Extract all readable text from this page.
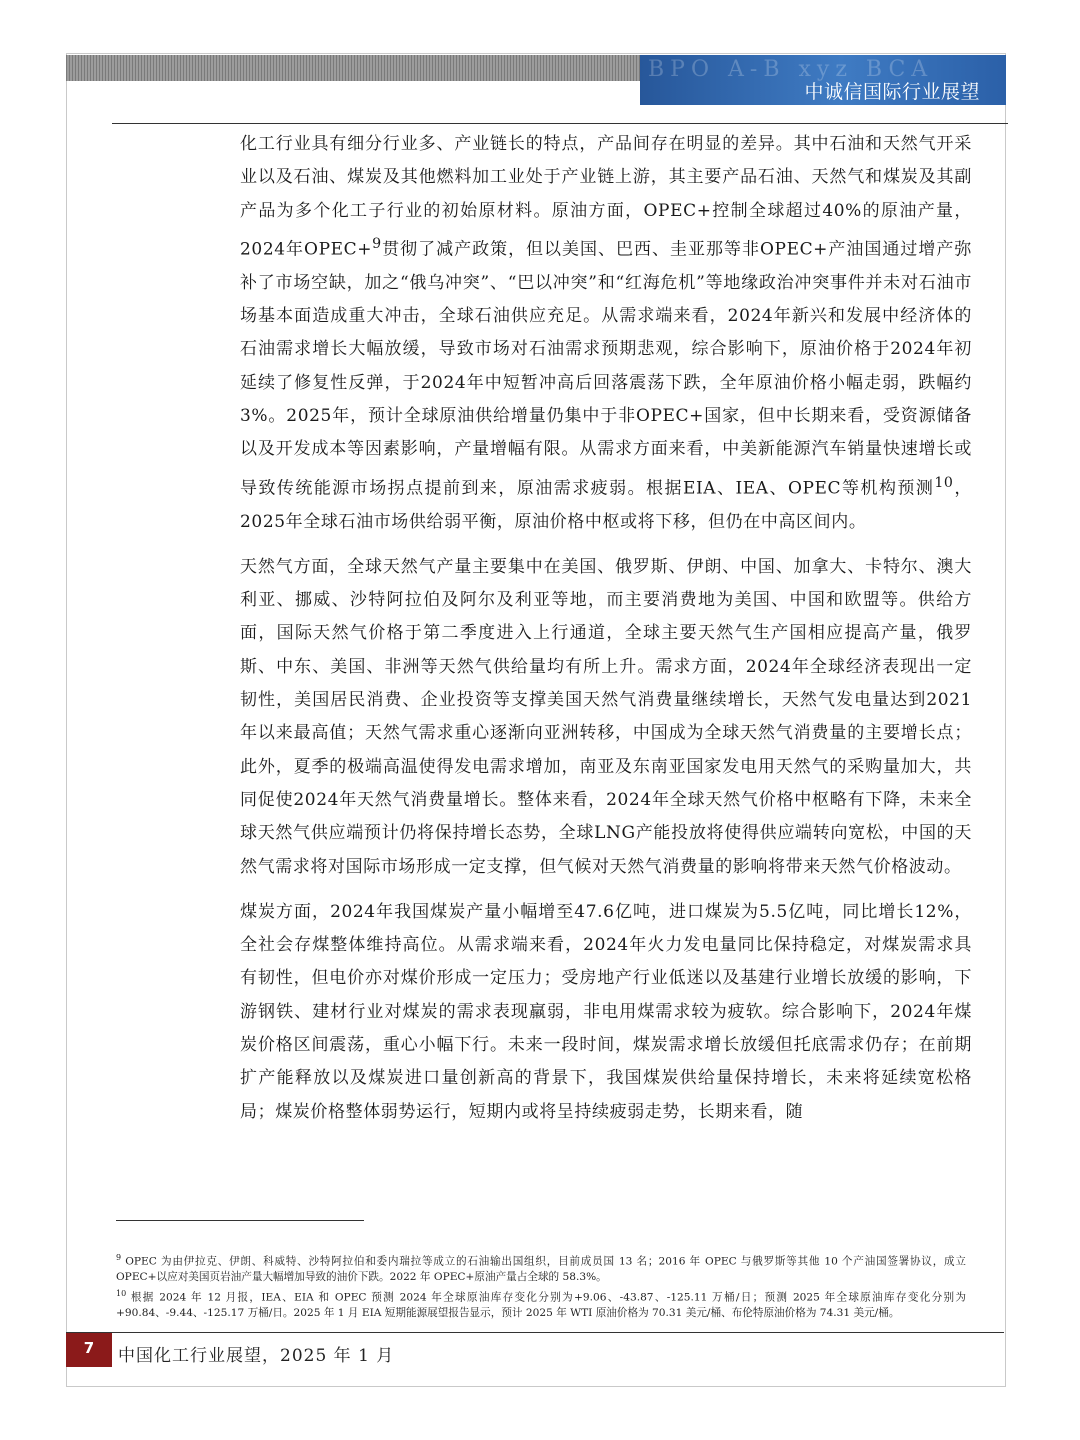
BPO A-B xyz BCA
中诚信国际行业展望

化工行业具有细分行业多、产业链长的特点，产品间存在明显的差异。其中石油和天然气开采业以及石油、煤炭及其他燃料加工业处于产业链上游，其主要产品石油、天然气和煤炭及其副产品为多个化工子行业的初始原材料。原油方面，OPEC+控制全球超过40%的原油产量，2024年OPEC+$^9$贯彻了减产政策，但以美国、巴西、圭亚那等非OPEC+产油国通过增产弥补了市场空缺，加之“俄乌冲突”、“巴以冲突”和“红海危机”等地缘政治冲突事件并未对石油市场基本面造成重大冲击，全球石油供应充足。从需求端来看，2024年新兴和发展中经济体的石油需求增长大幅放缓，导致市场对石油需求预期悲观，综合影响下，原油价格于2024年初延续了修复性反弹，于2024年中短暂冲高后回落震荡下跌，全年原油价格小幅走弱，跌幅约3%。2025年，预计全球原油供给增量仍集中于非OPEC+国家，但中长期来看，受资源储备以及开发成本等因素影响，产量增幅有限。从需求方面来看，中美新能源汽车销量快速增长或导致传统能源市场拐点提前到来，原油需求疲弱。根据EIA、IEA、OPEC等机构预测$^{10}$，2025年全球石油市场供给弱平衡，原油价格中枢或将下移，但仍在中高区间内。

天然气方面，全球天然气产量主要集中在美国、俄罗斯、伊朗、中国、加拿大、卡特尔、澳大利亚、挪威、沙特阿拉伯及阿尔及利亚等地，而主要消费地为美国、中国和欧盟等。供给方面，国际天然气价格于第二季度进入上行通道，全球主要天然气生产国相应提高产量，俄罗斯、中东、美国、非洲等天然气供给量均有所上升。需求方面，2024年全球经济表现出一定韧性，美国居民消费、企业投资等支撑美国天然气消费量继续增长，天然气发电量达到2021年以来最高值；天然气需求重心逐渐向亚洲转移，中国成为全球天然气消费量的主要增长点；此外，夏季的极端高温使得发电需求增加，南亚及东南亚国家发电用天然气的采购量加大，共同促使2024年天然气消费量增长。整体来看，2024年全球天然气价格中枢略有下降，未来全球天然气供应端预计仍将保持增长态势，全球LNG产能投放将使得供应端转向宽松，中国的天然气需求将对国际市场形成一定支撑，但气候对天然气消费量的影响将带来天然气价格波动。

煤炭方面，2024年我国煤炭产量小幅增至47.6亿吨，进口煤炭为5.5亿吨，同比增长12%，全社会存煤整体维持高位。从需求端来看，2024年火力发电量同比保持稳定，对煤炭需求具有韧性，但电价亦对煤价形成一定压力；受房地产行业低迷以及基建行业增长放缓的影响，下游钢铁、建材行业对煤炭的需求表现羸弱，非电用煤需求较为疲软。综合影响下，2024年煤炭价格区间震荡，重心小幅下行。未来一段时间，煤炭需求增长放缓但托底需求仍存；在前期扩产能释放以及煤炭进口量创新高的背景下，我国煤炭供给量保持增长，未来将延续宽松格局；煤炭价格整体弱势运行，短期内或将呈持续疲弱走势，长期来看，随

$^9$ OPEC 为由伊拉克、伊朗、科威特、沙特阿拉伯和委内瑞拉等成立的石油输出国组织，目前成员国 13 名；2016 年 OPEC 与俄罗斯等其他 10 个产油国签署协议，成立 OPEC+以应对美国页岩油产量大幅增加导致的油价下跌。2022 年 OPEC+原油产量占全球的 58.3%。

$^{10}$ 根据 2024 年 12 月报，IEA、EIA 和 OPEC 预测 2024 年全球原油库存变化分别为+9.06、-43.87、-125.11 万桶/日；预测 2025 年全球原油库存变化分别为+90.84、-9.44、-125.17 万桶/日。2025 年 1 月 EIA 短期能源展望报告显示，预计 2025 年 WTI 原油价格为 70.31 美元/桶、布伦特原油价格为 74.31 美元/桶。

7	中国化工行业展望，2025 年 1 月
